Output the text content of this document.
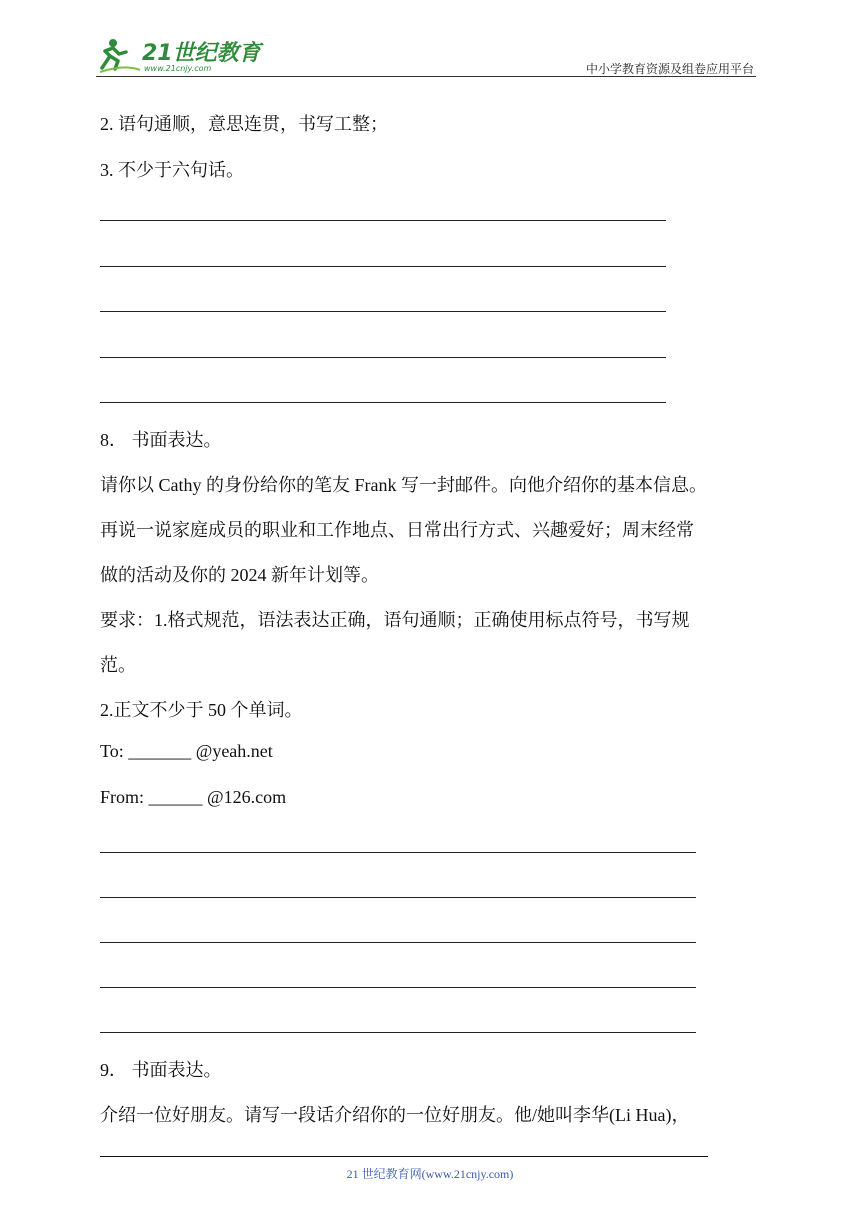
21世纪教育
www.21cnjy.com	中小学教育资源及组卷应用平台
2. 语句通顺，意思连贯，书写工整；
3. 不少于六句话。
8． 书面表达。
请你以 Cathy 的身份给你的笔友 Frank 写一封邮件。向他介绍你的基本信息。
再说一说家庭成员的职业和工作地点、日常出行方式、兴趣爱好；周末经常
做的活动及你的 2024 新年计划等。
要求：1.格式规范，语法表达正确，语句通顺；正确使用标点符号，书写规
范。
2.正文不少于 50 个单词。
To: _______ @yeah.net
From: ______ @126.com
9． 书面表达。
介绍一位好朋友。请写一段话介绍你的一位好朋友。他/她叫李华(Li Hua)，
21 世纪教育网(www.21cnjy.com)
